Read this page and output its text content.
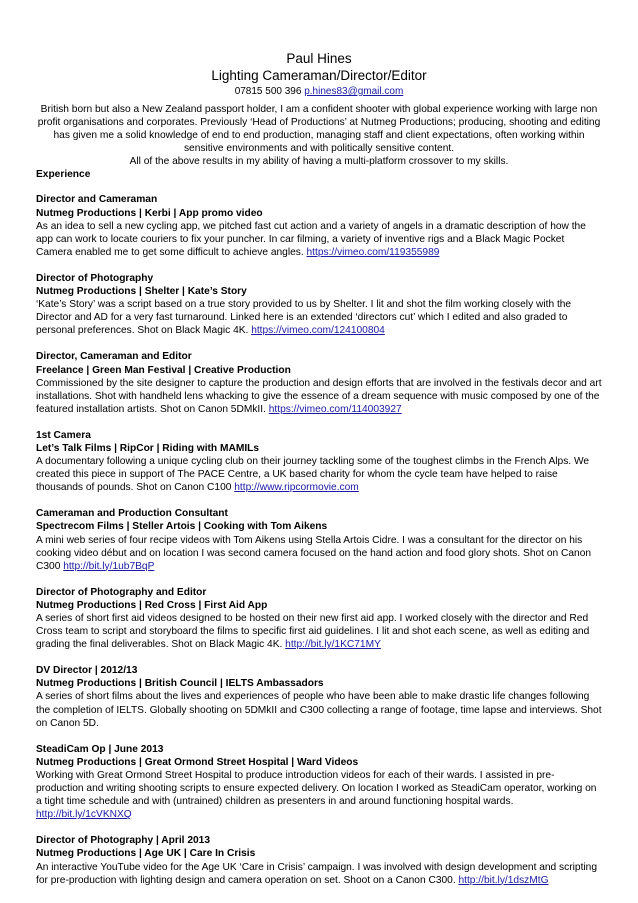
Paul Hines
Lighting Cameraman/Director/Editor
07815 500 396 p.hines83@gmail.com
British born but also a New Zealand passport holder, I am a confident shooter with global experience working with large non profit organisations and corporates. Previously ‘Head of Productions’ at Nutmeg Productions; producing, shooting and editing has given me a solid knowledge of end to end production, managing staff and client expectations, often working within sensitive environments and with politically sensitive content.
All of the above results in my ability of having a multi-platform crossover to my skills.
Experience
Director and Cameraman
Nutmeg Productions | Kerbi | App promo video
As an idea to sell a new cycling app, we pitched fast cut action and a variety of angels in a dramatic description of how the app can work to locate couriers to fix your puncher. In car filming, a variety of inventive rigs and a Black Magic Pocket Camera enabled me to get some difficult to achieve angles. https://vimeo.com/119355989
Director of Photography
Nutmeg Productions | Shelter | Kate’s Story
‘Kate’s Story’ was a script based on a true story provided to us by Shelter. I lit and shot the film working closely with the Director and AD for a very fast turnaround. Linked here is an extended ‘directors cut’ which I edited and also graded to personal preferences. Shot on Black Magic 4K. https://vimeo.com/124100804
Director, Cameraman and Editor
Freelance | Green Man Festival | Creative Production
Commissioned by the site designer to capture the production and design efforts that are involved in the festivals decor and art installations. Shot with handheld lens whacking to give the essence of a dream sequence with music composed by one of the featured installation artists. Shot on Canon 5DMkII. https://vimeo.com/114003927
1st Camera
Let’s Talk Films | RipCor | Riding with MAMILs
A documentary following a unique cycling club on their journey tackling some of the toughest climbs in the French Alps. We created this piece in support of The PACE Centre, a UK based charity for whom the cycle team have helped to raise thousands of pounds. Shot on Canon C100 http://www.ripcormovie.com
Cameraman and Production Consultant
Spectrecom Films | Steller Artois | Cooking with Tom Aikens
A mini web series of four recipe videos with Tom Aikens using Stella Artois Cidre. I was a consultant for the director on his cooking video début and on location I was second camera focused on the hand action and food glory shots. Shot on Canon C300 http://bit.ly/1ub7BqP
Director of Photography and Editor
Nutmeg Productions | Red Cross | First Aid App
A series of short first aid videos designed to be hosted on their new first aid app. I worked closely with the director and Red Cross team to script and storyboard the films to specific first aid guidelines. I lit and shot each scene, as well as editing and grading the final deliverables. Shot on Black Magic 4K. http://bit.ly/1KC71MY
DV Director | 2012/13
Nutmeg Productions | British Council | IELTS Ambassadors
A series of short films about the lives and experiences of people who have been able to make drastic life changes following the completion of IELTS. Globally shooting on 5DMkII and C300 collecting a range of footage, time lapse and interviews. Shot on Canon 5D.
SteadiCam Op | June 2013
Nutmeg Productions | Great Ormond Street Hospital | Ward Videos
Working with Great Ormond Street Hospital to produce introduction videos for each of their wards. I assisted in pre-production and writing shooting scripts to ensure expected delivery. On location I worked as SteadiCam operator, working on a tight time schedule and with (untrained) children as presenters in and around functioning hospital wards. http://bit.ly/1cVKNXQ
Director of Photography | April 2013
Nutmeg Productions | Age UK | Care In Crisis
An interactive YouTube video for the Age UK ‘Care in Crisis’ campaign. I was involved with design development and scripting for pre-production with lighting design and camera operation on set. Shoot on a Canon C300. http://bit.ly/1dszMtG
